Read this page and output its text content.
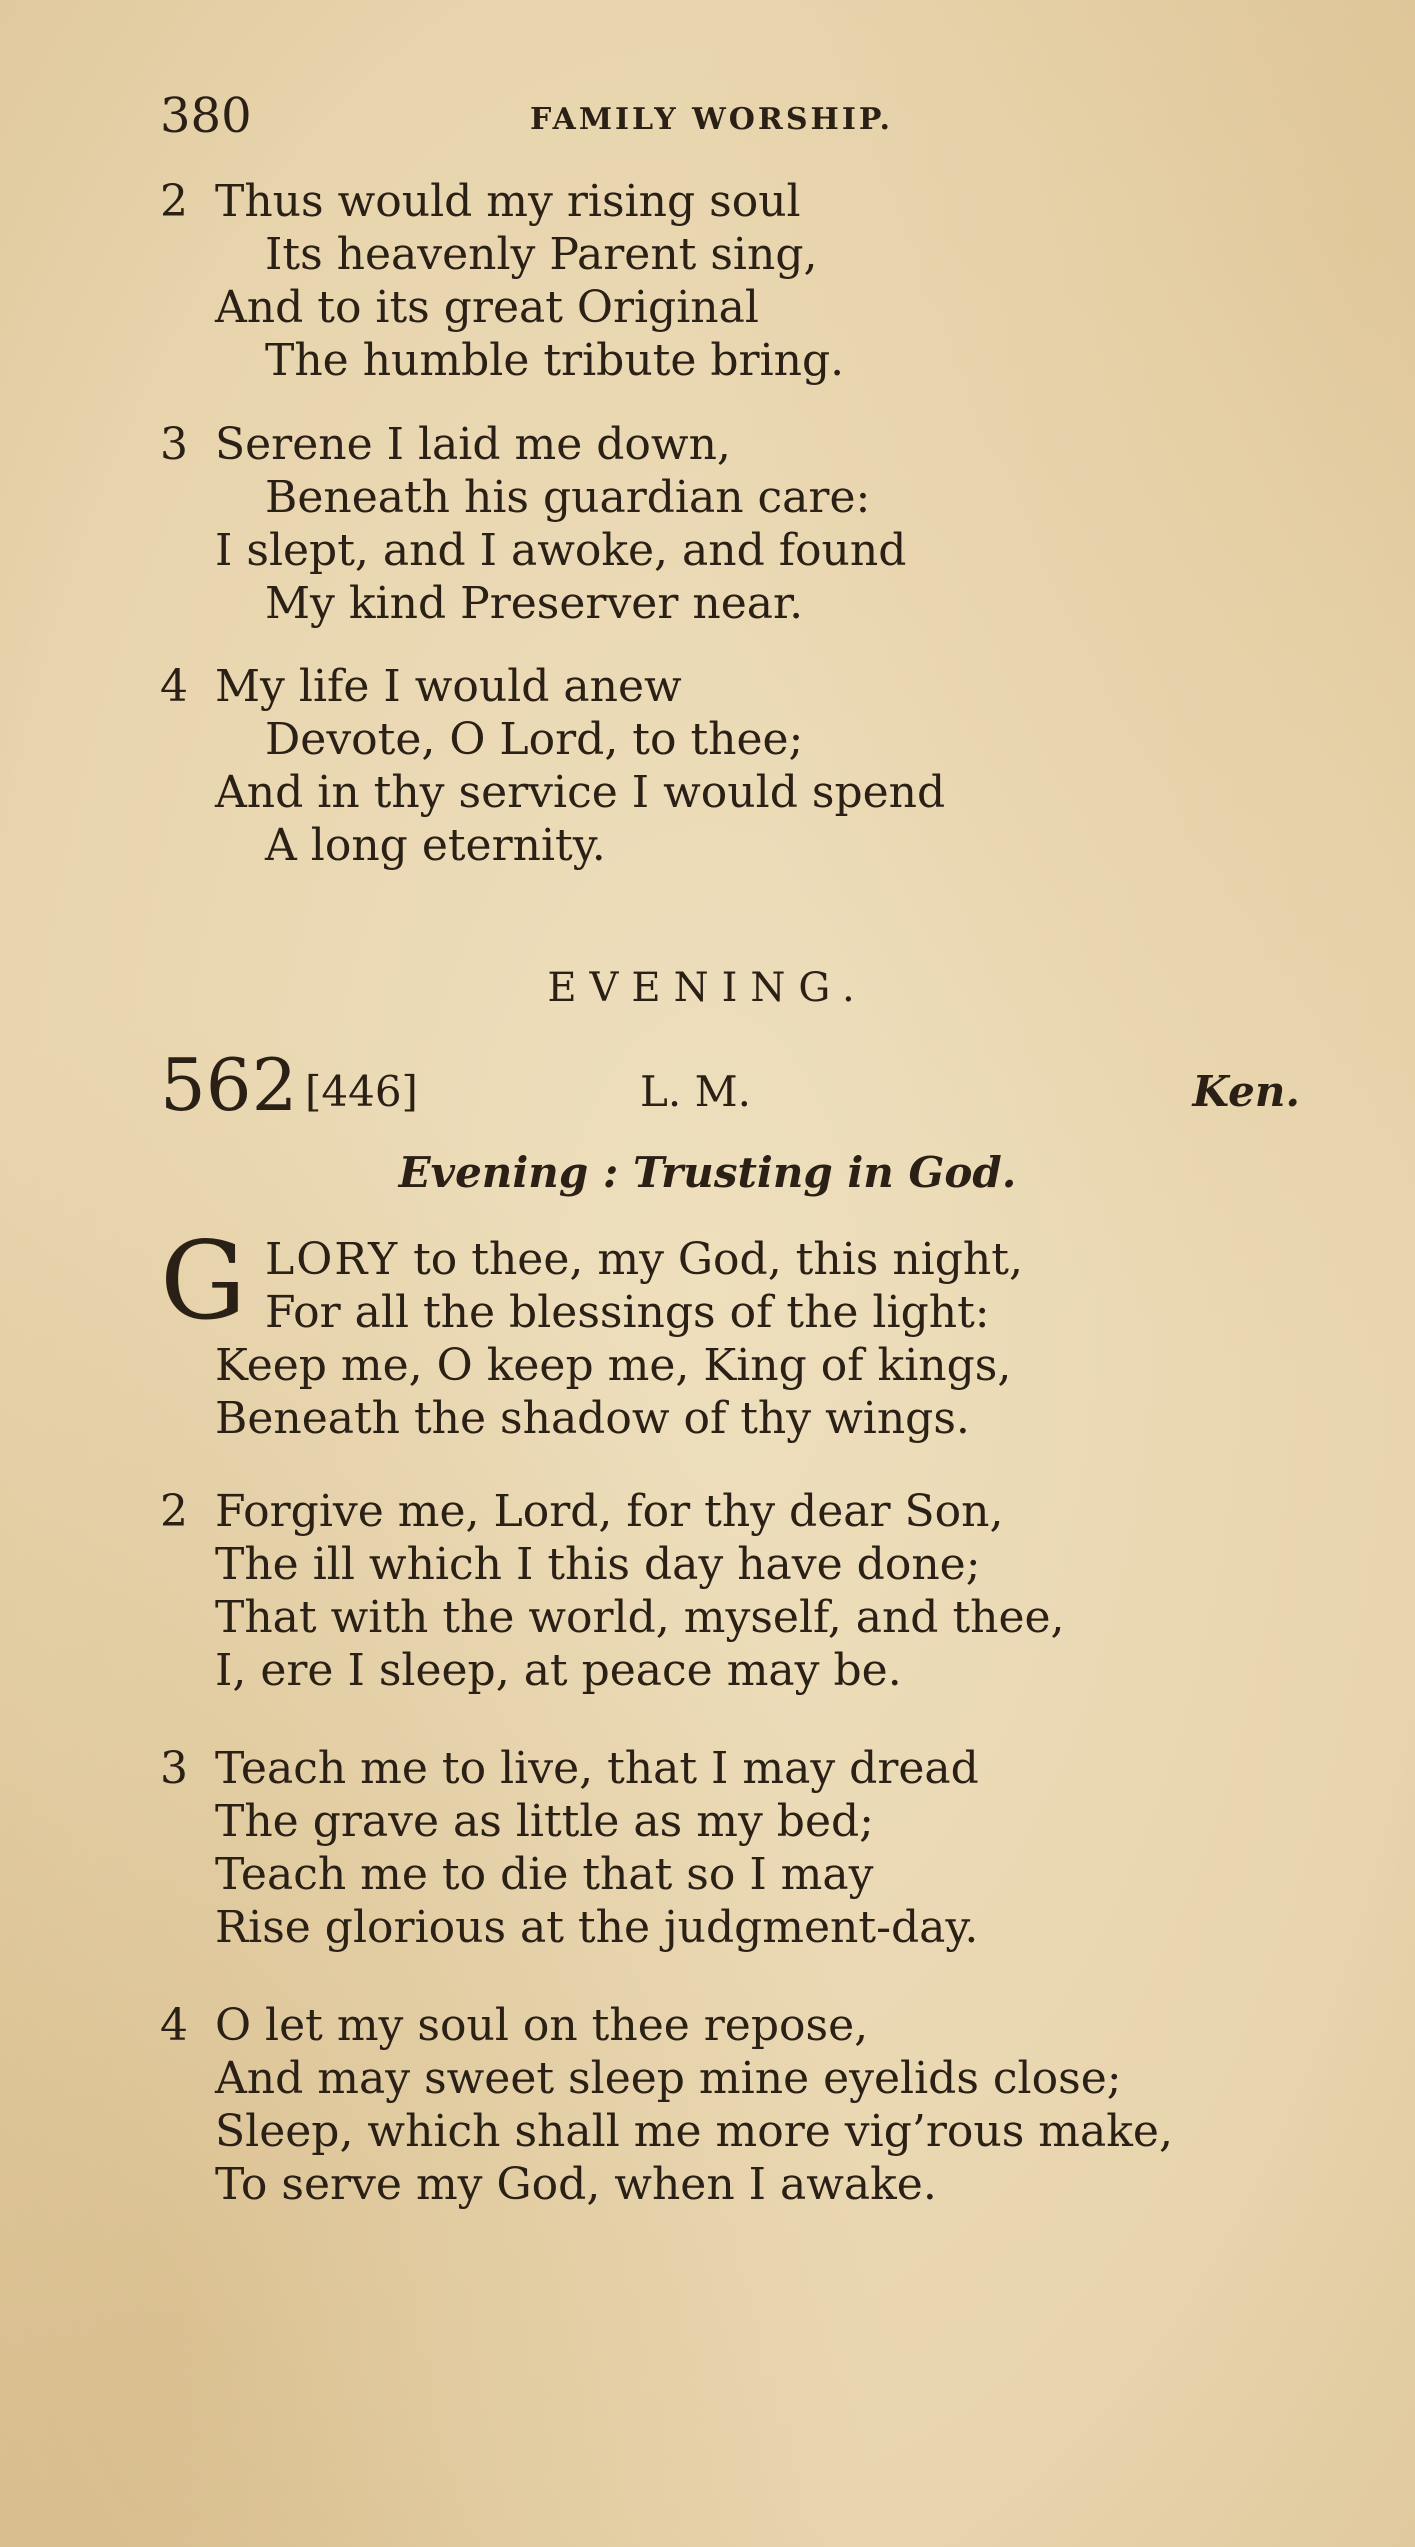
380	FAMILY WORSHIP.
2 Thus would my rising soul
Its heavenly Parent sing,
And to its great Original
The humble tribute bring.
3 Serene I laid me down,
Beneath his guardian care:
I slept, and I awoke, and found
My kind Preserver near.
4 My life I would anew
Devote, O Lord, to thee;
And in thy service I would spend
A long eternity.
EVENING.
562 [446]	L. M.	Ken.
Evening : Trusting in God.
G LORY to thee, my God, this night,
For all the blessings of the light:
Keep me, O keep me, King of kings,
Beneath the shadow of thy wings.
2 Forgive me, Lord, for thy dear Son,
The ill which I this day have done;
That with the world, myself, and thee,
I, ere I sleep, at peace may be.
3 Teach me to live, that I may dread
The grave as little as my bed;
Teach me to die that so I may
Rise glorious at the judgment-day.
4 O let my soul on thee repose,
And may sweet sleep mine eyelids close;
Sleep, which shall me more vig’rous make,
To serve my God, when I awake.
